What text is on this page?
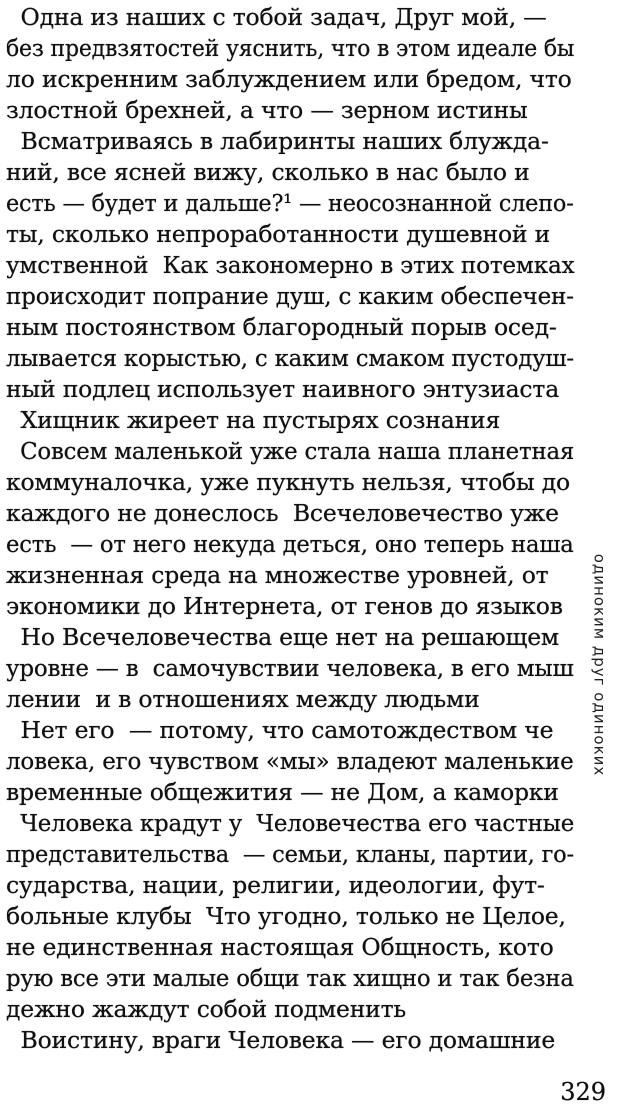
Одна из наших с тобой задач, Друг мой, —
без предвзятостей уяснить, что в этом идеале бы
ло искренним заблуждением или бредом, что
злостной брехней, а что — зерном истины
Всматриваясь в лабиринты наших блужда-
ний, все ясней вижу, сколько в нас было и
есть — будет и дальше?¹ — неосознанной слепо-
ты, сколько непроработанности душевной и
умственной  Как закономерно в этих потемках
происходит попрание душ, с каким обеспечен-
ным постоянством благородный порыв осед-
лывается корыстью, с каким смаком пустодуш-
ный подлец использует наивного энтузиаста
Хищник жиреет на пустырях сознания
Совсем маленькой уже стала наша планетная
коммуналочка, уже пукнуть нельзя, чтобы до
каждого не донеслось  Всечеловечество уже
есть  — от него некуда деться, оно теперь наша
жизненная среда на множестве уровней, от
экономики до Интернета, от генов до языков
Но Всечеловечества еще нет на решающем
уровне — в  самочувствии человека, в его мыш
лении  и в отношениях между людьми
Нет его  — потому, что самотождеством че
ловека, его чувством «мы» владеют маленькие
временные общежития — не Дом, а каморки
Человека крадут у  Человечества его частные
представительства  — семьи, кланы, партии, го-
сударства, нации, религии, идеологии, фут-
больные клубы  Что угодно, только не Целое,
не единственная настоящая Общность, кото
рую все эти малые общи так хищно и так безна
дежно жаждут собой подменить
Воистину, враги Человека — его домашние
одиноким друг одиноких
329
